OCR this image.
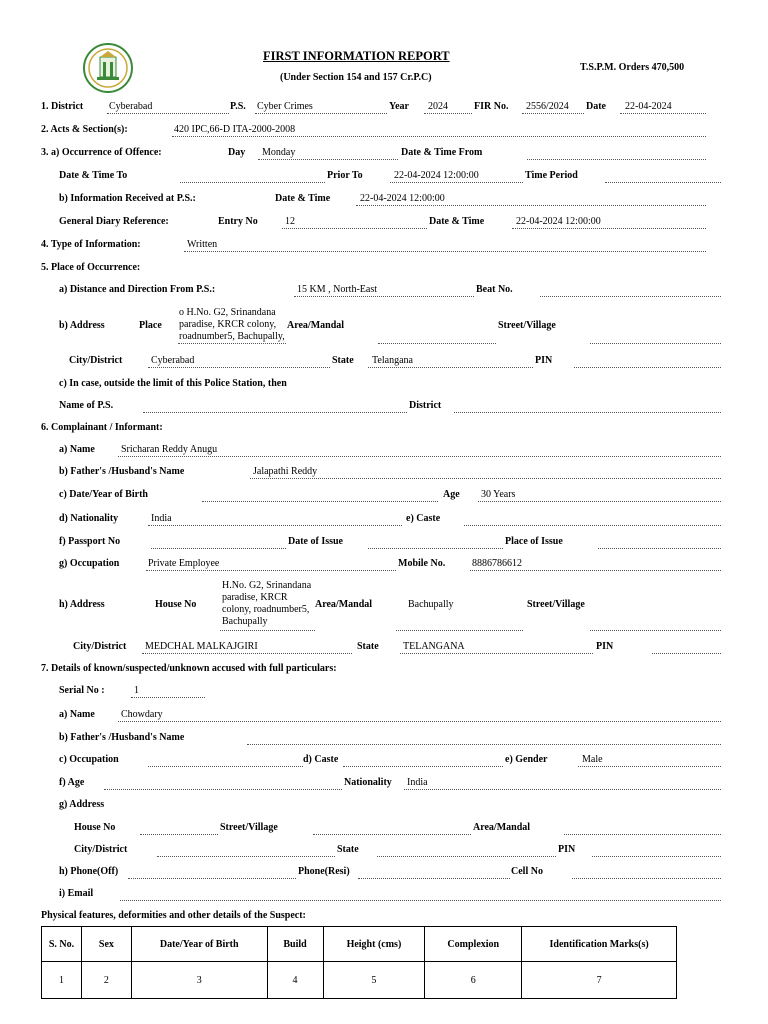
FIRST INFORMATION REPORT
(Under Section 154 and 157 Cr.P.C)
T.S.P.M. Orders 470,500
1. District	Cyberabad	P.S. Cyber Crimes	Year 2024	FIR No. 2556/2024 Date 22-04-2024
2. Acts & Section(s):	420 IPC,66-D ITA-2000-2008
3. a) Occurrence of Offence:	Day Monday	Date & Time From
Date & Time To	Prior To	22-04-2024 12:00:00	Time Period
b) Information Received at P.S.:	Date & Time	22-04-2024 12:00:00
General Diary Reference:	Entry No	12	Date & Time	22-04-2024 12:00:00
4. Type of Information:	Written
5. Place of Occurrence:
a) Distance and Direction From P.S.:	15 KM , North-East	Beat No.
b) Address	Place
o H.No. G2, Srinandana paradise, KRCR colony, roadnumber5, Bachupally,
Area/Mandal	Street/Village
City/District	Cyberabad	State Telangana	PIN
c) In case, outside the limit of this Police Station, then
Name of P.S.	District
6. Complainant / Informant:
a) Name	Sricharan Reddy Anugu
b) Father's /Husband's Name	Jalapathi Reddy
c) Date/Year of Birth	Age 30 Years
d) Nationality	India	e) Caste
f) Passport No	Date of Issue	Place of Issue
g) Occupation	Private Employee	Mobile No.	8886786612
h) Address	House No
H.No. G2, Srinandana paradise, KRCR colony, roadnumber5, Bachupally
Area/Mandal	Bachupally	Street/Village
City/District MEDCHAL MALKAJGIRI	State TELANGANA	PIN
7. Details of known/suspected/unknown accused with full particulars:
Serial No :	1
a) Name	Chowdary
b) Father's /Husband's Name
c) Occupation	d) Caste	e) Gender	Male
f) Age	Nationality India
g) Address
House No	Street/Village	Area/Mandal
City/District	State	PIN
h) Phone(Off)	Phone(Resi)	Cell No
i) Email
Physical features, deformities and other details of the Suspect:
S. No.	Sex	Date/Year of Birth	Build	Height (cms)	Complexion	Identification Marks(s)
1	2	3	4	5	6	7
